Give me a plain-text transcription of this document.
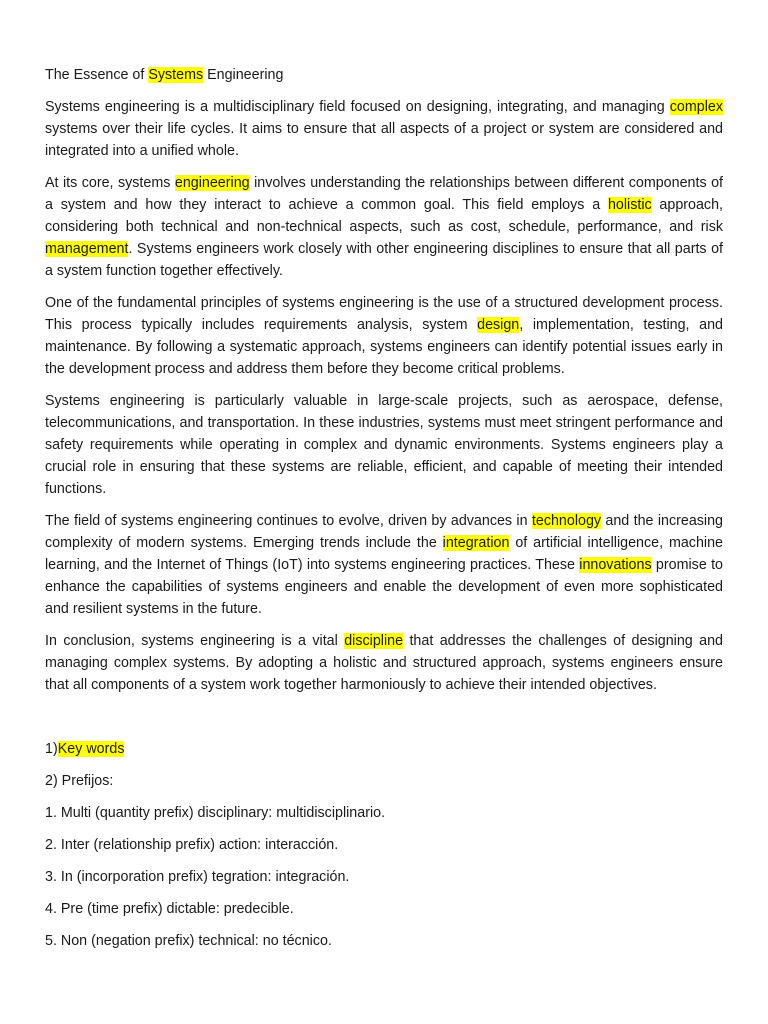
The Essence of Systems Engineering

Systems engineering is a multidisciplinary field focused on designing, integrating, and managing complex systems over their life cycles. It aims to ensure that all aspects of a project or system are considered and integrated into a unified whole.

At its core, systems engineering involves understanding the relationships between different components of a system and how they interact to achieve a common goal. This field employs a holistic approach, considering both technical and non-technical aspects, such as cost, schedule, performance, and risk management. Systems engineers work closely with other engineering disciplines to ensure that all parts of a system function together effectively.

One of the fundamental principles of systems engineering is the use of a structured development process. This process typically includes requirements analysis, system design, implementation, testing, and maintenance. By following a systematic approach, systems engineers can identify potential issues early in the development process and address them before they become critical problems.

Systems engineering is particularly valuable in large-scale projects, such as aerospace, defense, telecommunications, and transportation. In these industries, systems must meet stringent performance and safety requirements while operating in complex and dynamic environments. Systems engineers play a crucial role in ensuring that these systems are reliable, efficient, and capable of meeting their intended functions.

The field of systems engineering continues to evolve, driven by advances in technology and the increasing complexity of modern systems. Emerging trends include the integration of artificial intelligence, machine learning, and the Internet of Things (IoT) into systems engineering practices. These innovations promise to enhance the capabilities of systems engineers and enable the development of even more sophisticated and resilient systems in the future.

In conclusion, systems engineering is a vital discipline that addresses the challenges of designing and managing complex systems. By adopting a holistic and structured approach, systems engineers ensure that all components of a system work together harmoniously to achieve their intended objectives.

1)Key words

2) Prefijos:

1. Multi (quantity prefix) disciplinary: multidisciplinario.
2. Inter (relationship prefix) action: interacción.
3. In (incorporation prefix) tegration: integración.
4. Pre (time prefix) dictable: predecible.
5. Non (negation prefix) technical: no técnico.
